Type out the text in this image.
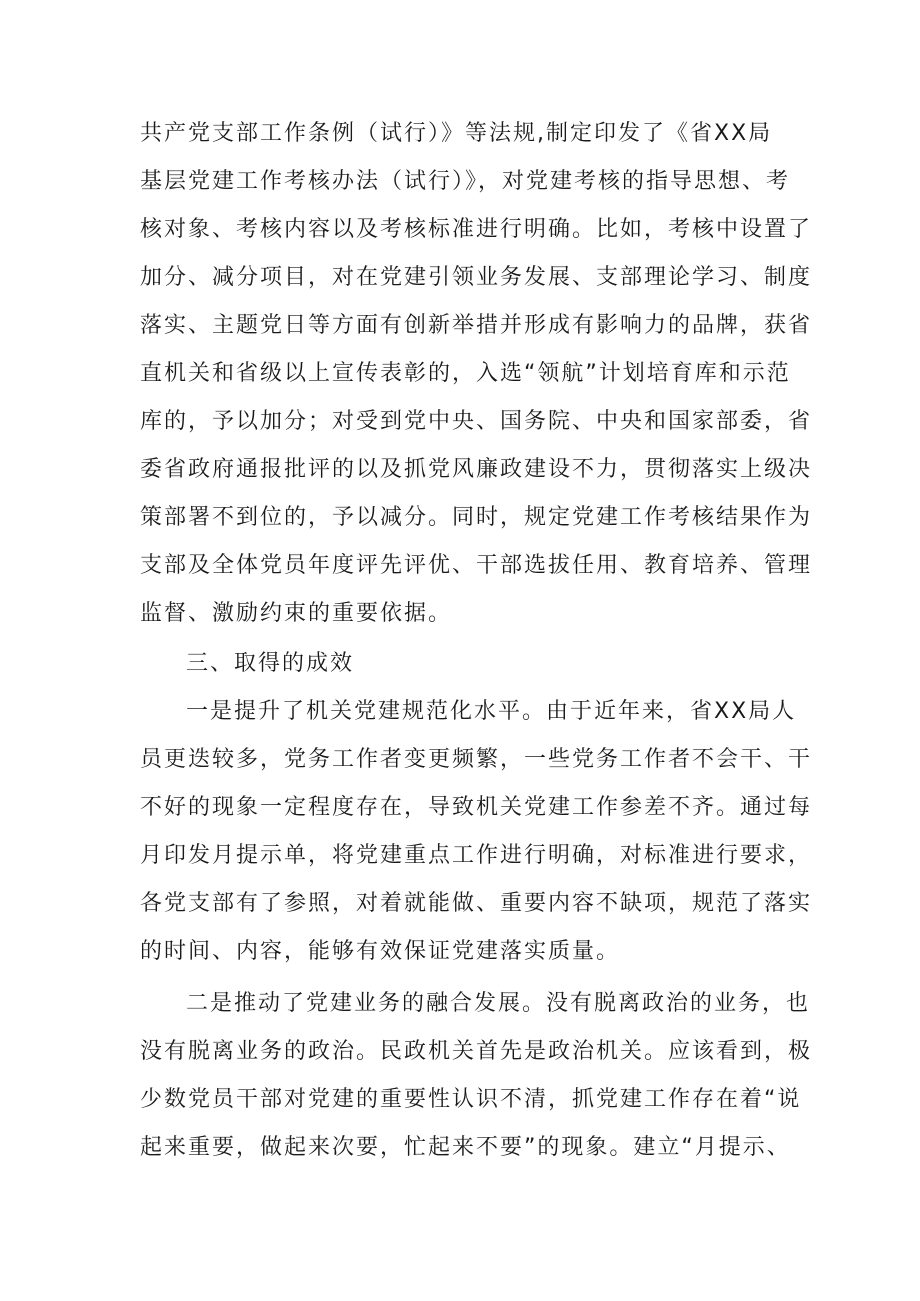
共产党支部工作条例（试行）》等法规,制定印发了《省XX局
基层党建工作考核办法（试行）》，对党建考核的指导思想、考
核对象、考核内容以及考核标准进行明确。比如，考核中设置了
加分、减分项目，对在党建引领业务发展、支部理论学习、制度
落实、主题党日等方面有创新举措并形成有影响力的品牌，获省
直机关和省级以上宣传表彰的，入选“领航”计划培育库和示范
库的，予以加分；对受到党中央、国务院、中央和国家部委，省
委省政府通报批评的以及抓党风廉政建设不力，贯彻落实上级决
策部署不到位的，予以减分。同时，规定党建工作考核结果作为
支部及全体党员年度评先评优、干部选拔任用、教育培养、管理
监督、激励约束的重要依据。
三、取得的成效
一是提升了机关党建规范化水平。由于近年来，省XX局人
员更迭较多，党务工作者变更频繁，一些党务工作者不会干、干
不好的现象一定程度存在，导致机关党建工作参差不齐。通过每
月印发月提示单，将党建重点工作进行明确，对标准进行要求，
各党支部有了参照，对着就能做、重要内容不缺项，规范了落实
的时间、内容，能够有效保证党建落实质量。
二是推动了党建业务的融合发展。没有脱离政治的业务，也
没有脱离业务的政治。民政机关首先是政治机关。应该看到，极
少数党员干部对党建的重要性认识不清，抓党建工作存在着“说
起来重要，做起来次要，忙起来不要”的现象。建立“月提示、
